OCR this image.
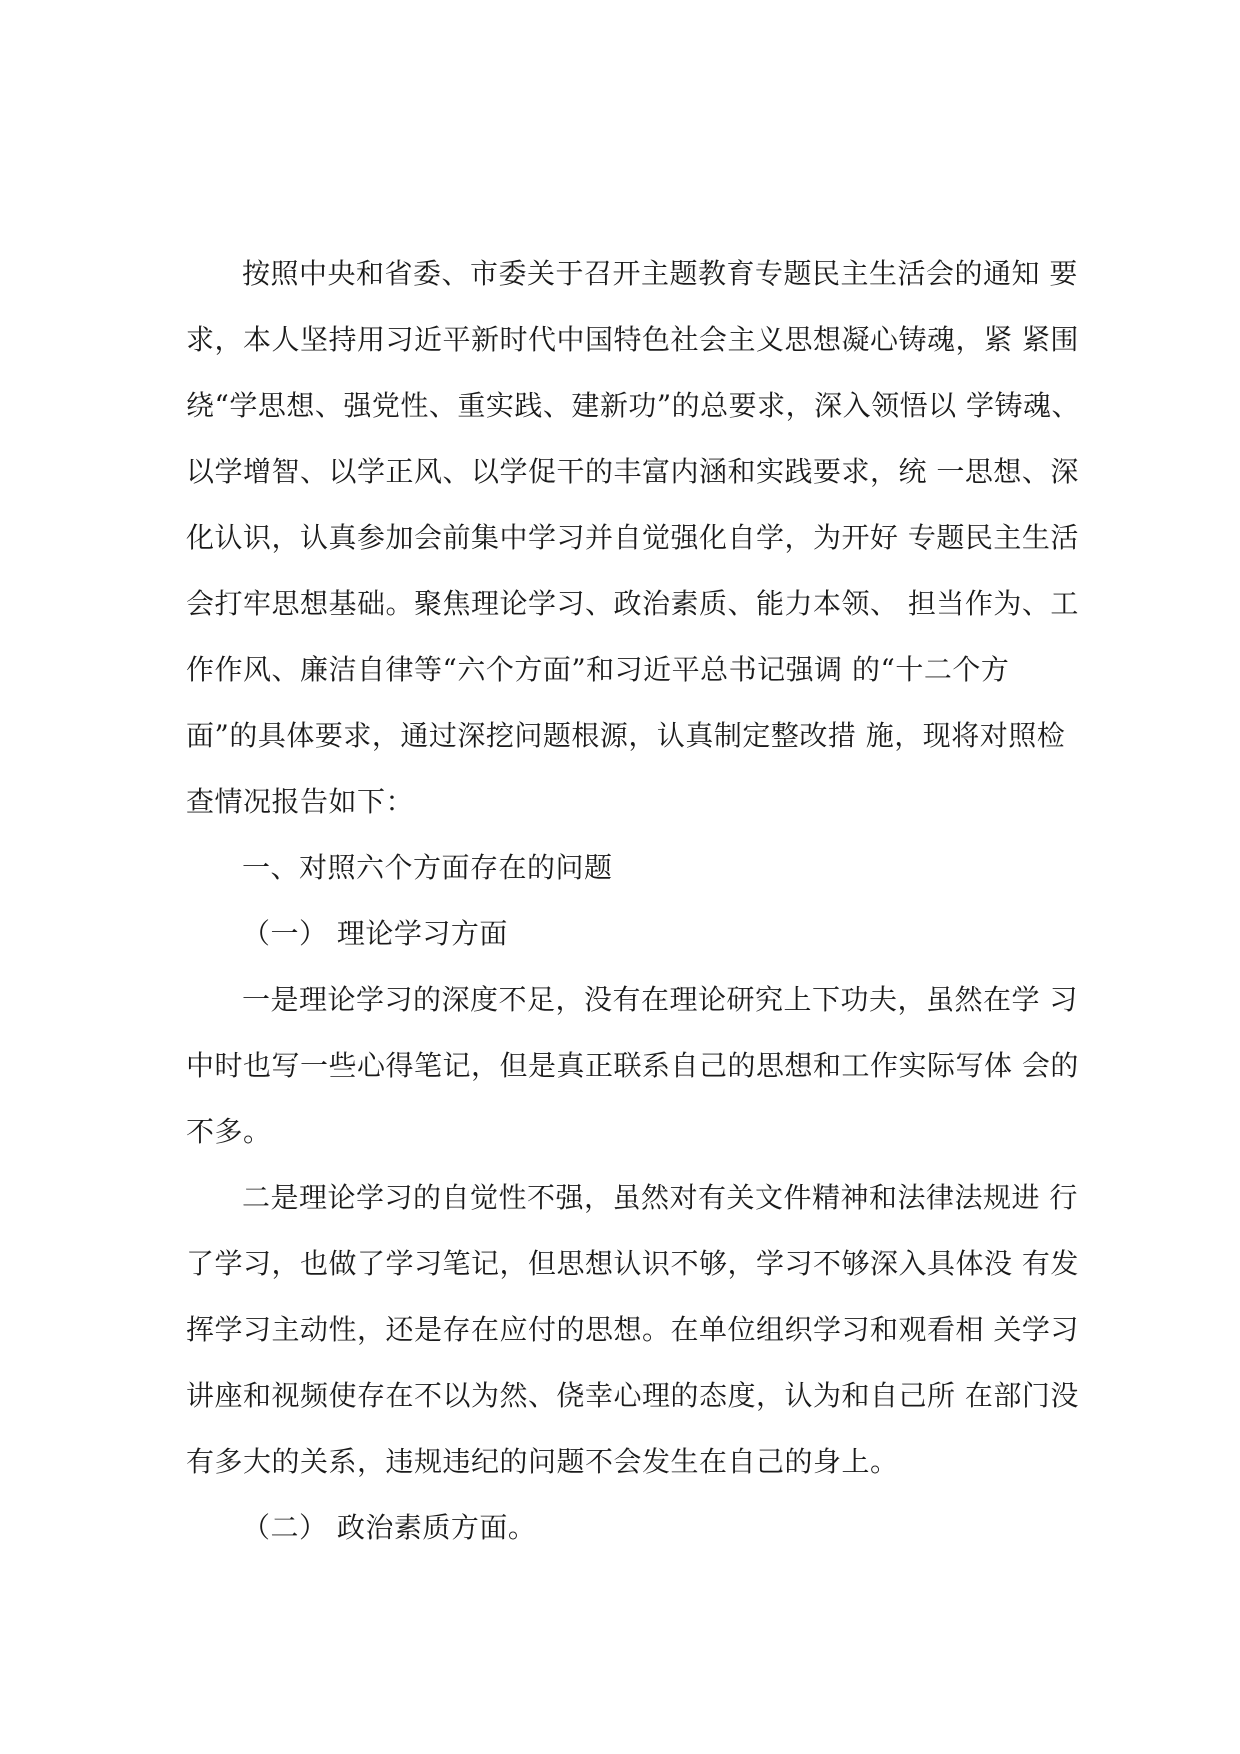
按照中央和省委、市委关于召开主题教育专题民主生活会的通知 要
求，本人坚持用习近平新时代中国特色社会主义思想凝心铸魂，紧 紧围
绕“学思想、强党性、重实践、建新功”的总要求，深入领悟以 学铸魂、
以学增智、以学正风、以学促干的丰富内涵和实践要求，统 一思想、深
化认识，认真参加会前集中学习并自觉强化自学，为开好 专题民主生活
会打牢思想基础。聚焦理论学习、政治素质、能力本领、 担当作为、工
作作风、廉洁自律等“六个方面”和习近平总书记强调 的“十二个方
面”的具体要求，通过深挖问题根源，认真制定整改措 施，现将对照检
查情况报告如下：
一、对照六个方面存在的问题
（一） 理论学习方面
一是理论学习的深度不足，没有在理论研究上下功夫，虽然在学 习
中时也写一些心得笔记，但是真正联系自己的思想和工作实际写体 会的
不多。
二是理论学习的自觉性不强，虽然对有关文件精神和法律法规进 行
了学习，也做了学习笔记，但思想认识不够，学习不够深入具体没 有发
挥学习主动性，还是存在应付的思想。在单位组织学习和观看相 关学习
讲座和视频使存在不以为然、侥幸心理的态度，认为和自己所 在部门没
有多大的关系，违规违纪的问题不会发生在自己的身上。
（二） 政治素质方面。
